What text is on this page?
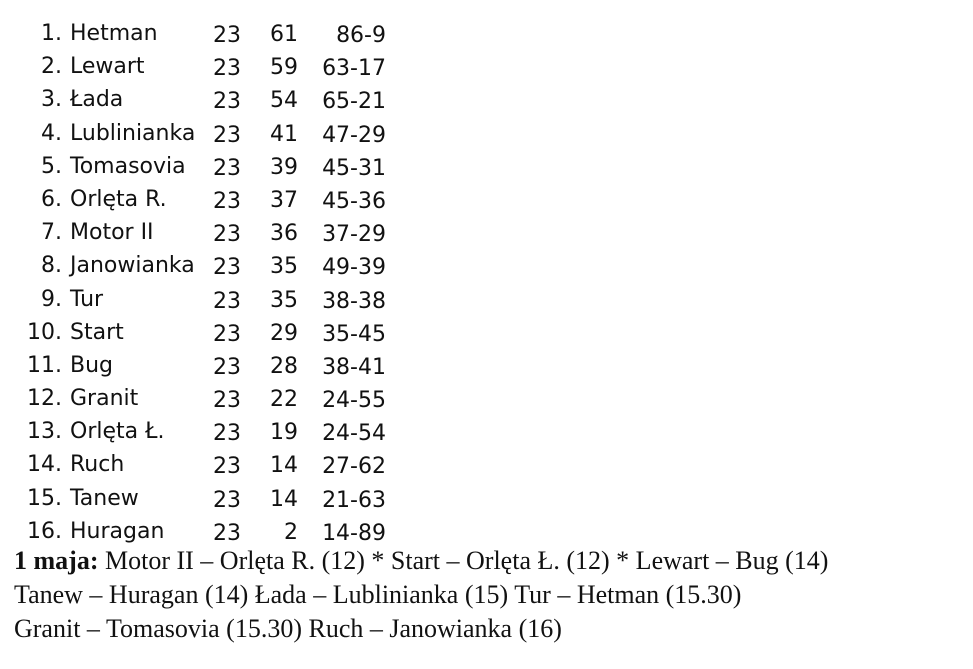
1. Hetman	23	61	86-9
2. Lewart	23	59	63-17
3. Łada	23	54	65-21
4. Lublinianka 23	41	47-29
5. Tomasovia	23	39	45-31
6. Orlęta R.	23	37	45-36
7. Motor II	23	36	37-29
8. Janowianka 23	35	49-39
9. Tur	23	35	38-38
10. Start	23	29	35-45
11. Bug	23	28	38-41
12. Granit	23	22	24-55
13. Orlęta Ł.	23	19	24-54
14. Ruch	23	14	27-62
15. Tanew	23	14	21-63
16. Huragan	23	2	14-89

1 maja: Motor II – Orlęta R. (12) * Start – Orlęta Ł. (12) * Lewart – Bug (14)

Tanew – Huragan (14) Łada – Lublinianka (15) Tur – Hetman (15.30)

Granit – Tomasovia (15.30) Ruch – Janowianka (16)
